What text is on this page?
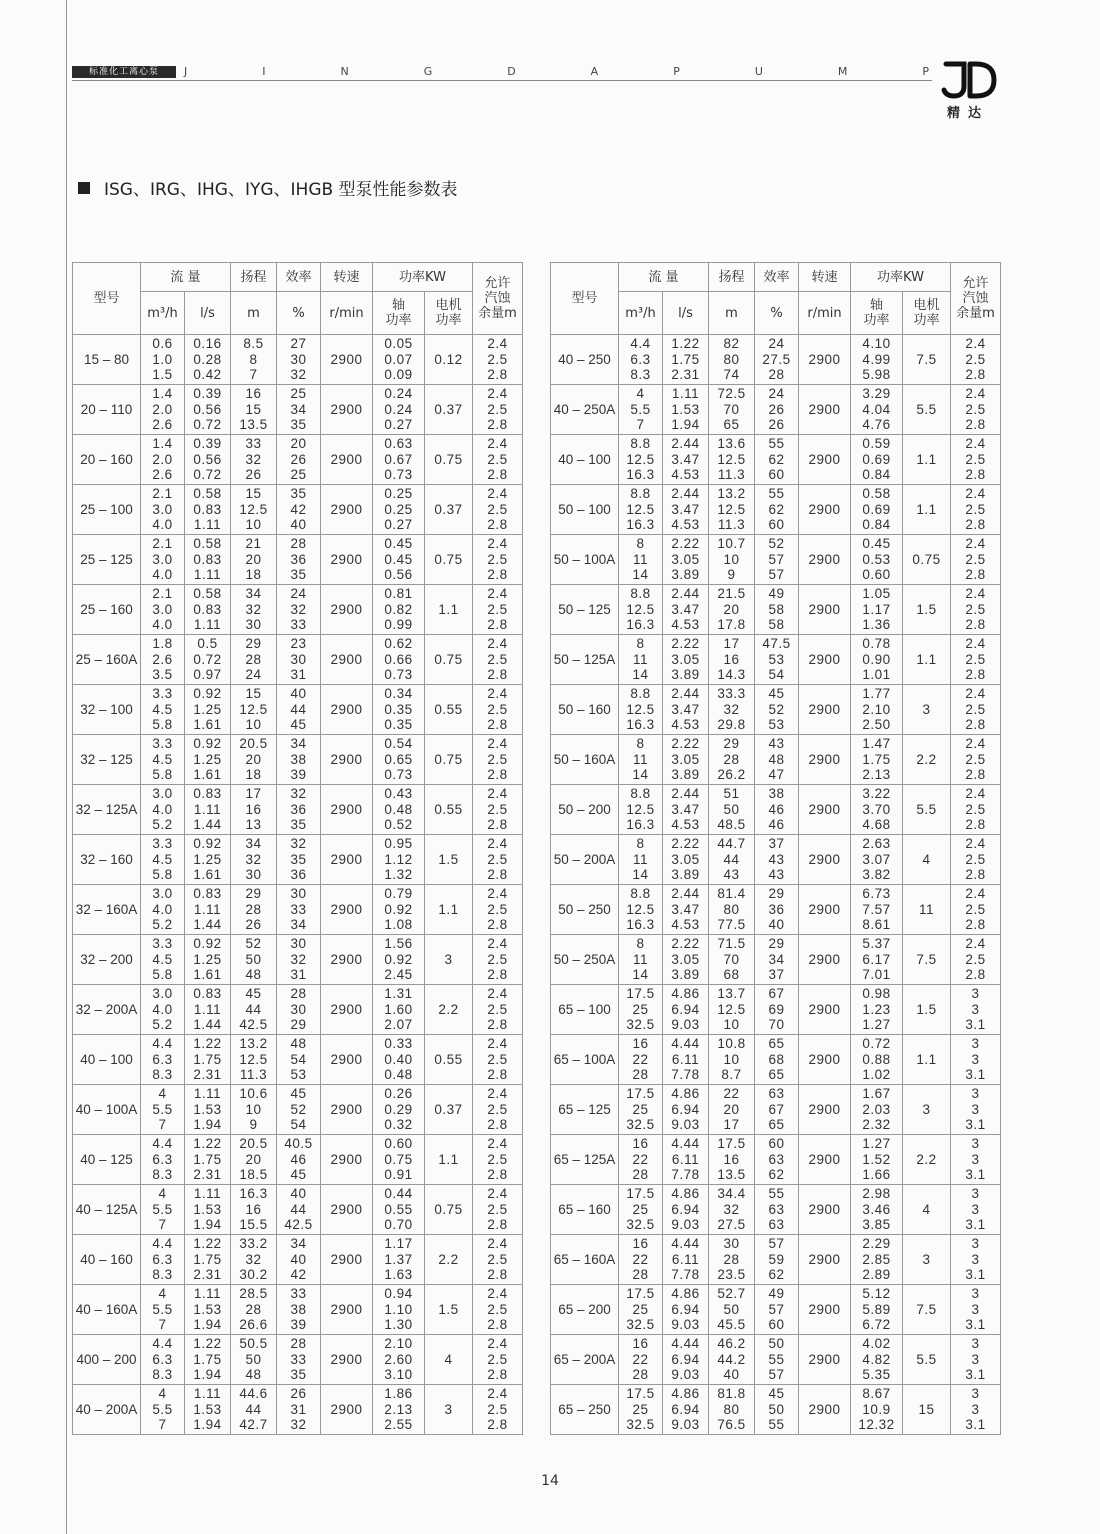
标准化工离心泵	J	I	N	G	D	A	P	U	M	P
精达
ISG、IRG、IHG、IYG、IHGB 型泵性能参数表
型号	流 量		扬程	效率	转速	功率KW		允许
汽蚀
余量m
	m³/h	l/s	m	%	r/min	轴
功率	电机
功率	
15 – 80	0.6
1.0
1.5	0.16
0.28
0.42	8.5
8
7	27
30
32	2900	0.05
0.07
0.09	0.12	2.4
2.5
2.8
20 – 110	1.4
2.0
2.6	0.39
0.56
0.72	16
15
13.5	25
34
35	2900	0.24
0.24
0.27	0.37	2.4
2.5
2.8
20 – 160	1.4
2.0
2.6	0.39
0.56
0.72	33
32
26	20
26
25	2900	0.63
0.67
0.73	0.75	2.4
2.5
2.8
25 – 100	2.1
3.0
4.0	0.58
0.83
1.11	15
12.5
10	35
42
40	2900	0.25
0.25
0.27	0.37	2.4
2.5
2.8
25 – 125	2.1
3.0
4.0	0.58
0.83
1.11	21
20
18	28
36
35	2900	0.45
0.45
0.56	0.75	2.4
2.5
2.8
25 – 160	2.1
3.0
4.0	0.58
0.83
1.11	34
32
30	24
32
33	2900	0.81
0.82
0.99	1.1	2.4
2.5
2.8
25 – 160A	1.8
2.6
3.5	0.5
0.72
0.97	29
28
24	23
30
31	2900	0.62
0.66
0.73	0.75	2.4
2.5
2.8
32 – 100	3.3
4.5
5.8	0.92
1.25
1.61	15
12.5
10	40
44
45	2900	0.34
0.35
0.35	0.55	2.4
2.5
2.8
32 – 125	3.3
4.5
5.8	0.92
1.25
1.61	20.5
20
18	34
38
39	2900	0.54
0.65
0.73	0.75	2.4
2.5
2.8
32 – 125A	3.0
4.0
5.2	0.83
1.11
1.44	17
16
13	32
36
35	2900	0.43
0.48
0.52	0.55	2.4
2.5
2.8
32 – 160	3.3
4.5
5.8	0.92
1.25
1.61	34
32
30	32
35
36	2900	0.95
1.12
1.32	1.5	2.4
2.5
2.8
32 – 160A	3.0
4.0
5.2	0.83
1.11
1.44	29
28
26	30
33
34	2900	0.79
0.92
1.08	1.1	2.4
2.5
2.8
32 – 200	3.3
4.5
5.8	0.92
1.25
1.61	52
50
48	30
32
31	2900	1.56
0.92
2.45	3	2.4
2.5
2.8
32 – 200A	3.0
4.0
5.2	0.83
1.11
1.44	45
44
42.5	28
30
29	2900	1.31
1.60
2.07	2.2	2.4
2.5
2.8
40 – 100	4.4
6.3
8.3	1.22
1.75
2.31	13.2
12.5
11.3	48
54
53	2900	0.33
0.40
0.48	0.55	2.4
2.5
2.8
40 – 100A	4
5.5
7	1.11
1.53
1.94	10.6
10
9	45
52
54	2900	0.26
0.29
0.32	0.37	2.4
2.5
2.8
40 – 125	4.4
6.3
8.3	1.22
1.75
2.31	20.5
20
18.5	40.5
46
45	2900	0.60
0.75
0.91	1.1	2.4
2.5
2.8
40 – 125A	4
5.5
7	1.11
1.53
1.94	16.3
16
15.5	40
44
42.5	2900	0.44
0.55
0.70	0.75	2.4
2.5
2.8
40 – 160	4.4
6.3
8.3	1.22
1.75
2.31	33.2
32
30.2	34
40
42	2900	1.17
1.37
1.63	2.2	2.4
2.5
2.8
40 – 160A	4
5.5
7	1.11
1.53
1.94	28.5
28
26.6	33
38
39	2900	0.94
1.10
1.30	1.5	2.4
2.5
2.8
400 – 200	4.4
6.3
8.3	1.22
1.75
1.94	50.5
50
48	28
33
35	2900	2.10
2.60
3.10	4	2.4
2.5
2.8
40 – 200A	4
5.5
7	1.11
1.53
1.94	44.6
44
42.7	26
31
32	2900	1.86
2.13
2.55	3	2.4
2.5
2.8
型号	流 量		扬程	效率	转速	功率KW		允许
汽蚀
余量m
	m³/h	l/s	m	%	r/min	轴
功率	电机
功率	
40 – 250	4.4
6.3
8.3	1.22
1.75
2.31	82
80
74	24
27.5
28	2900	4.10
4.99
5.98	7.5	2.4
2.5
2.8
40 – 250A	4
5.5
7	1.11
1.53
1.94	72.5
70
65	24
26
26	2900	3.29
4.04
4.76	5.5	2.4
2.5
2.8
40 – 100	8.8
12.5
16.3	2.44
3.47
4.53	13.6
12.5
11.3	55
62
60	2900	0.59
0.69
0.84	1.1	2.4
2.5
2.8
50 – 100	8.8
12.5
16.3	2.44
3.47
4.53	13.2
12.5
11.3	55
62
60	2900	0.58
0.69
0.84	1.1	2.4
2.5
2.8
50 – 100A	8
11
14	2.22
3.05
3.89	10.7
10
9	52
57
57	2900	0.45
0.53
0.60	0.75	2.4
2.5
2.8
50 – 125	8.8
12.5
16.3	2.44
3.47
4.53	21.5
20
17.8	49
58
58	2900	1.05
1.17
1.36	1.5	2.4
2.5
2.8
50 – 125A	8
11
14	2.22
3.05
3.89	17
16
14.3	47.5
53
54	2900	0.78
0.90
1.01	1.1	2.4
2.5
2.8
50 – 160	8.8
12.5
16.3	2.44
3.47
4.53	33.3
32
29.8	45
52
53	2900	1.77
2.10
2.50	3	2.4
2.5
2.8
50 – 160A	8
11
14	2.22
3.05
3.89	29
28
26.2	43
48
47	2900	1.47
1.75
2.13	2.2	2.4
2.5
2.8
50 – 200	8.8
12.5
16.3	2.44
3.47
4.53	51
50
48.5	38
46
46	2900	3.22
3.70
4.68	5.5	2.4
2.5
2.8
50 – 200A	8
11
14	2.22
3.05
3.89	44.7
44
43	37
43
43	2900	2.63
3.07
3.82	4	2.4
2.5
2.8
50 – 250	8.8
12.5
16.3	2.44
3.47
4.53	81.4
80
77.5	29
36
40	2900	6.73
7.57
8.61	11	2.4
2.5
2.8
50 – 250A	8
11
14	2.22
3.05
3.89	71.5
70
68	29
34
37	2900	5.37
6.17
7.01	7.5	2.4
2.5
2.8
65 – 100	17.5
25
32.5	4.86
6.94
9.03	13.7
12.5
10	67
69
70	2900	0.98
1.23
1.27	1.5	3
3
3.1
65 – 100A	16
22
28	4.44
6.11
7.78	10.8
10
8.7	65
68
65	2900	0.72
0.88
1.02	1.1	3
3
3.1
65 – 125	17.5
25
32.5	4.86
6.94
9.03	22
20
17	63
67
65	2900	1.67
2.03
2.32	3	3
3
3.1
65 – 125A	16
22
28	4.44
6.11
7.78	17.5
16
13.5	60
63
62	2900	1.27
1.52
1.66	2.2	3
3
3.1
65 – 160	17.5
25
32.5	4.86
6.94
9.03	34.4
32
27.5	55
63
63	2900	2.98
3.46
3.85	4	3
3
3.1
65 – 160A	16
22
28	4.44
6.11
7.78	30
28
23.5	57
59
62	2900	2.29
2.85
2.89	3	3
3
3.1
65 – 200	17.5
25
32.5	4.86
6.94
9.03	52.7
50
45.5	49
57
60	2900	5.12
5.89
6.72	7.5	3
3
3.1
65 – 200A	16
22
28	4.44
6.94
9.03	46.2
44.2
40	50
55
57	2900	4.02
4.82
5.35	5.5	3
3
3.1
65 – 250	17.5
25
32.5	4.86
6.94
9.03	81.8
80
76.5	45
50
55	2900	8.67
10.9
12.32	15	3
3
3.1
14
